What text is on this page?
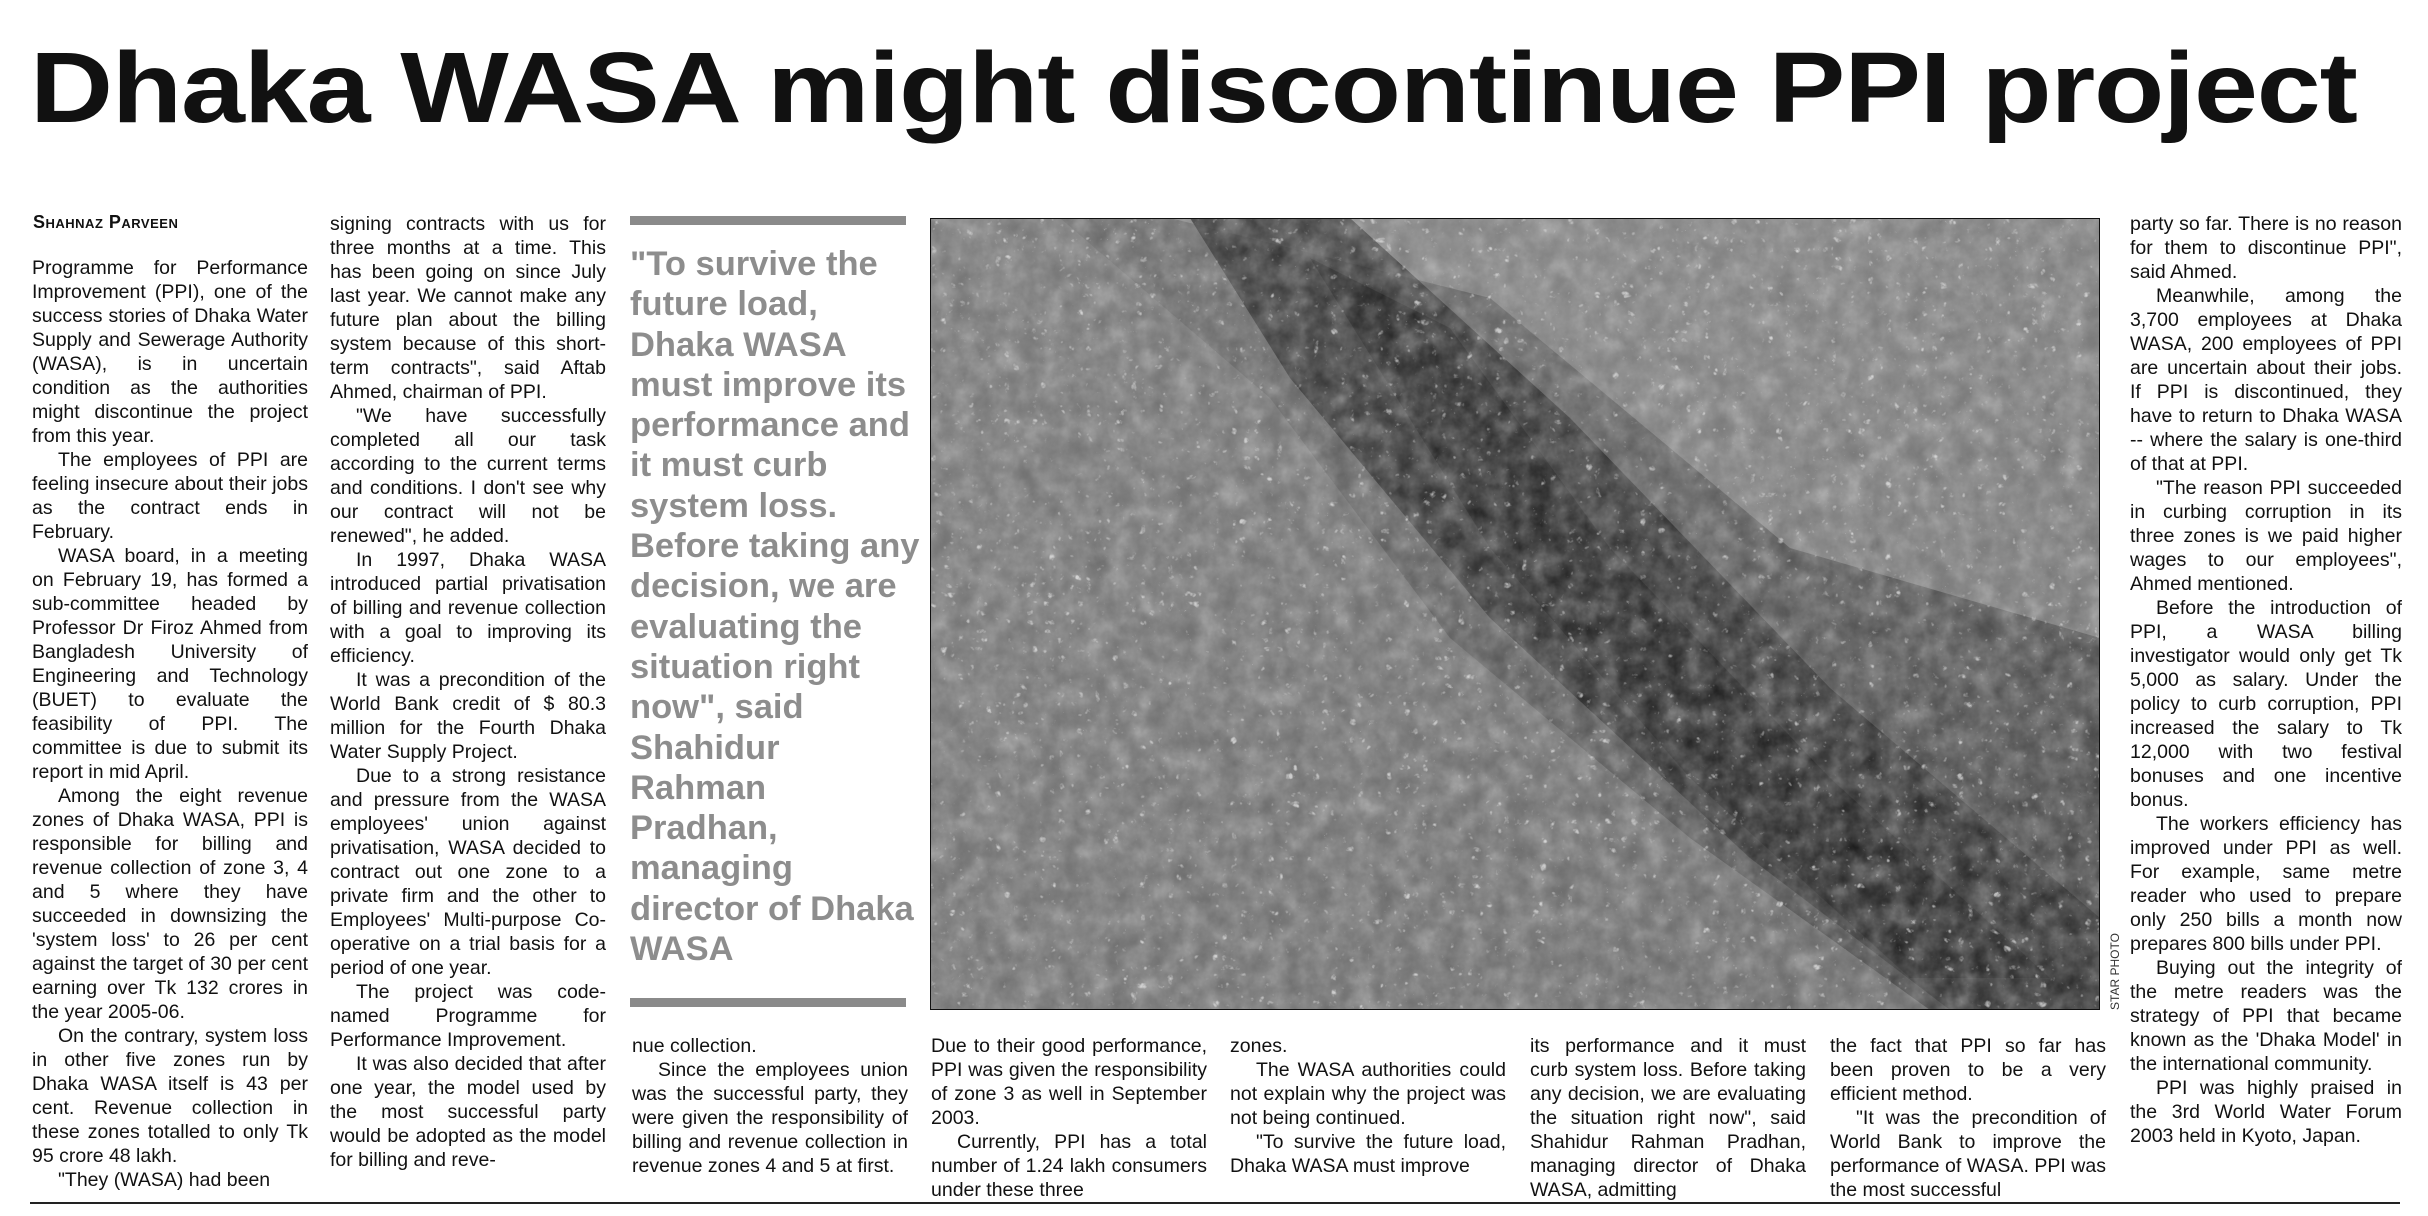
Dhaka WASA might discontinue PPI project
Shahnaz Parveen

Programme for Performance Improvement (PPI), one of the success stories of Dhaka Water Supply and Sewerage Authority (WASA), is in uncertain condition as the authorities might discontinue the project from this year.

The employees of PPI are feeling insecure about their jobs as the contract ends in February.

WASA board, in a meeting on February 19, has formed a sub-committee headed by Professor Dr Firoz Ahmed from Bangladesh University of Engineering and Technology (BUET) to evaluate the feasibility of PPI. The committee is due to submit its report in mid April.

Among the eight revenue zones of Dhaka WASA, PPI is responsible for billing and revenue collection of zone 3, 4 and 5 where they have succeeded in downsizing the 'system loss' to 26 per cent against the target of 30 per cent earning over Tk 132 crores in the year 2005-06.

On the contrary, system loss in other five zones run by Dhaka WASA itself is 43 per cent. Revenue collection in these zones totalled to only Tk 95 crore 48 lakh.

"They (WASA) had been

signing contracts with us for three months at a time. This has been going on since July last year. We cannot make any future plan about the billing system because of this short-term contracts", said Aftab Ahmed, chairman of PPI.

"We have successfully completed all our task according to the current terms and conditions. I don't see why our contract will not be renewed", he added.

In 1997, Dhaka WASA introduced partial privatisation of billing and revenue collection with a goal to improving its efficiency.

It was a precondition of the World Bank credit of $ 80.3 million for the Fourth Dhaka Water Supply Project.

Due to a strong resistance and pressure from the WASA employees' union against privatisation, WASA decided to contract out one zone to a private firm and the other to Employees' Multi-purpose Co-operative on a trial basis for a period of one year.

The project was code-named Programme for Performance Improvement.

It was also decided that after one year, the model used by the most successful party would be adopted as the model for billing and reve-

"To survive the future load, Dhaka WASA must improve its performance and it must curb system loss. Before taking any decision, we are evaluating the situation right now", said Shahidur Rahman Pradhan, managing director of Dhaka WASA

nue collection.

Since the employees union was the successful party, they were given the responsibility of billing and revenue collection in revenue zones 4 and 5 at first.

STAR PHOTO

Due to their good performance, PPI was given the responsibility of zone 3 as well in September 2003.

Currently, PPI has a total number of 1.24 lakh consumers under these three

zones.

The WASA authorities could not explain why the project was not being continued.

"To survive the future load, Dhaka WASA must improve

its performance and it must curb system loss. Before taking any decision, we are evaluating the situation right now", said Shahidur Rahman Pradhan, managing director of Dhaka WASA, admitting

the fact that PPI so far has been proven to be a very efficient method.

"It was the precondition of World Bank to improve the performance of WASA. PPI was the most successful

party so far. There is no reason for them to discontinue PPI", said Ahmed.

Meanwhile, among the 3,700 employees at Dhaka WASA, 200 employees of PPI are uncertain about their jobs. If PPI is discontinued, they have to return to Dhaka WASA -- where the salary is one-third of that at PPI.

"The reason PPI succeeded in curbing corruption in its three zones is we paid higher wages to our employees", Ahmed mentioned.

Before the introduction of PPI, a WASA billing investigator would only get Tk 5,000 as salary. Under the policy to curb corruption, PPI increased the salary to Tk 12,000 with two festival bonuses and one incentive bonus.

The workers efficiency has improved under PPI as well. For example, same metre reader who used to prepare only 250 bills a month now prepares 800 bills under PPI.

Buying out the integrity of the metre readers was the strategy of PPI that became known as the 'Dhaka Model' in the international community.

PPI was highly praised in the 3rd World Water Forum 2003 held in Kyoto, Japan.
